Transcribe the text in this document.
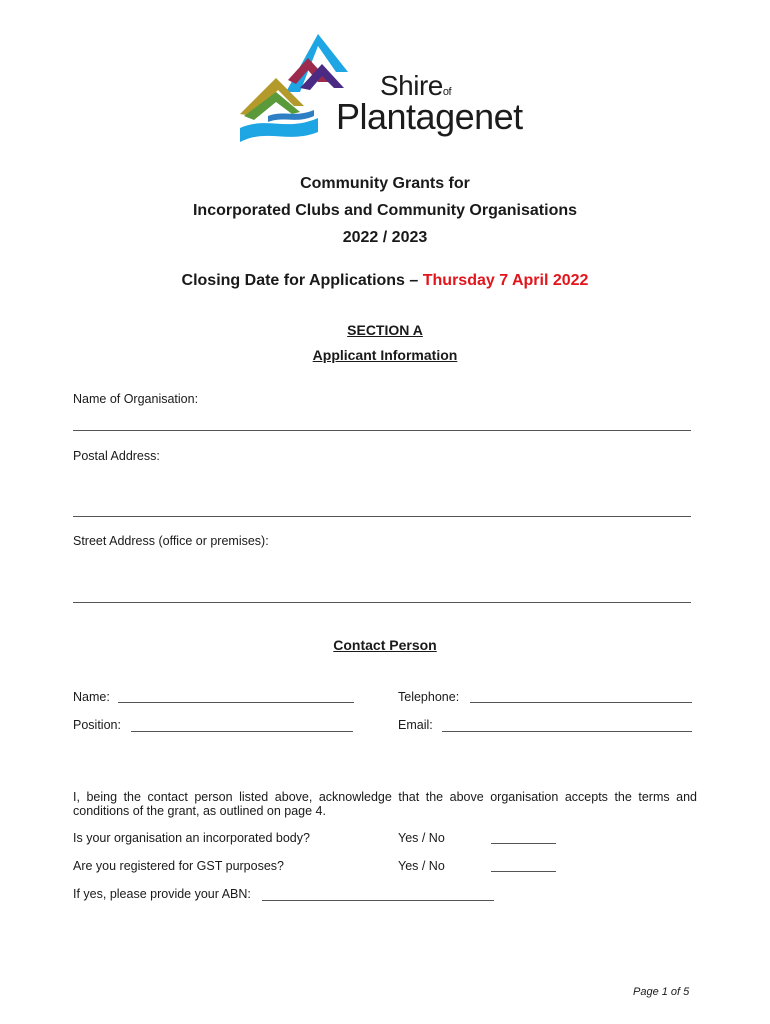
Shireof
Plantagenet
Community Grants for
Incorporated Clubs and Community Organisations
2022 / 2023
Closing Date for Applications – Thursday 7 April 2022
SECTION A
Applicant Information
Name of Organisation:
Postal Address:
Street Address (office or premises):
Contact Person
Name:	Telephone:
Position:	Email:
I, being the contact person listed above, acknowledge that the above organisation accepts the terms and conditions of the grant, as outlined on page 4.
Is your organisation an incorporated body?	Yes / No
Are you registered for GST purposes?	Yes / No
If yes, please provide your ABN:
Page 1 of 5
